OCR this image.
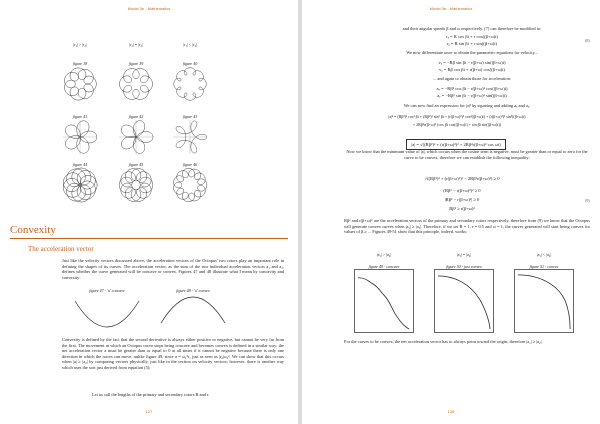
Model 3e - Mathematics
|r₁| > |r₂|	|r₁| = |r₂|	|r₁| < |r₂|
figure 38	figure 39	figure 40
figure 41	figure 42	figure 43
figure 44	figure 45	figure 46
Convexity
The acceleration vector
Just like the velocity vectors discussed above, the acceleration vectors of the Octopus' two rotors play an important role in defining the shapes of its curves. The acceleration vector, as the sum of the two individual acceleration vectors a₁ and a₂, defines whether the curve generated will be concave or convex. Figures 47 and 48 illustrate what I mean by concavity and convexity:
figure 47 - 'u' concave	figure 48 - 'u' convex
Convexity is defined by the fact that the second derivative is always either positive or negative, but cannot be very far from the first. The movement at which an Octopus curve stops being concave and becomes convex is defined in a similar way: the net acceleration vector a must be greater than or equal to 0 at all times if it cannot be negative because there is only one direction in which the rotors can move, unlike figure 49, since a = ω₁²r₁ just as seen as |r₂|ω₂². We can show that this occurs when |a| ≥ |a₂| by comparing vectors physically, just like in the section on velocity vectors; however, there is another way which uses the sort just derived from equation (5):
Let us call the lengths of the primary and secondary rotors R and r.
127
Model 3e - Mathematics
and their angular speeds β and ω respectively. (7) can therefore be modified to:
rₓ = R cos βt + r cos((β+ω)t)
rᵧ = R sin βt + r sin((β+ω)t)
(8)
We now differentiate once to obtain the parametric equations for velocity...
vₓ = −Rβ sin βt − r(β+ω) sin((β+ω)t)
vᵧ = Rβ cos βt + r(β+ω) cos((β+ω)t)
... and again to obtain those for acceleration:
aₓ = −Rβ² cos βt − r(β+ω)² cos((β+ω)t)
aᵧ = −Rβ² sin βt − r(β+ω)² sin((β+ω)t)
We can now find an expression for |a|² by squaring and adding aₓ and aᵧ:
|a|² = (Rβ²)² cos² βt + (Rβ²)² sin² βt + (r(β+ω)²)² cos²((β+ω)t) + (r(β+ω)²)² sin²((β+ω)t)
+ 2Rβ²r(β+ω)² (cos βt cos((β+ω)t) + sin βt sin((β+ω)t))
|a| = √((Rβ²)² + (r(β+ω)²)² + 2Rβ²r(β+ω)² cos ωt)
Now we know that the minimum value of |a|, which occurs when the cosine term is negative, must be greater than or equal to zero for the curve to be convex, therefore we can establish the following inequality:
√((Rβ²)² + (r(β+ω)²)² − 2Rβ²r(β+ω)²) ≥ 0
(Rβ² − r(β+ω)²)² ≥ 0
|Rβ² − r(β+ω)²| ≥ 0
Rβ² ≥ r(β+ω)²
(9)
Rβ² and r(β+ω)² are the acceleration vectors of the primary and secondary rotors respectively, therefore from (9) we know that the Octopus will generate convex curves when |a₁| ≥ |a₂|. Therefore, if we set R = 1, r = 0.5 and ω = 1, the curves generated will start being convex for values of β ≥ ... Figures 49-51 show that this principle, indeed, works:
|a₁| > |a₂|	|a₁| = |a₂|	|a₁| < |a₂|
figure 49 - concave	figure 50 - just convex	figure 51 - convex
For the curves to be convex, the net acceleration vector has to always point toward the origin, therefore |a₁| ≥ |a₂|.
128
